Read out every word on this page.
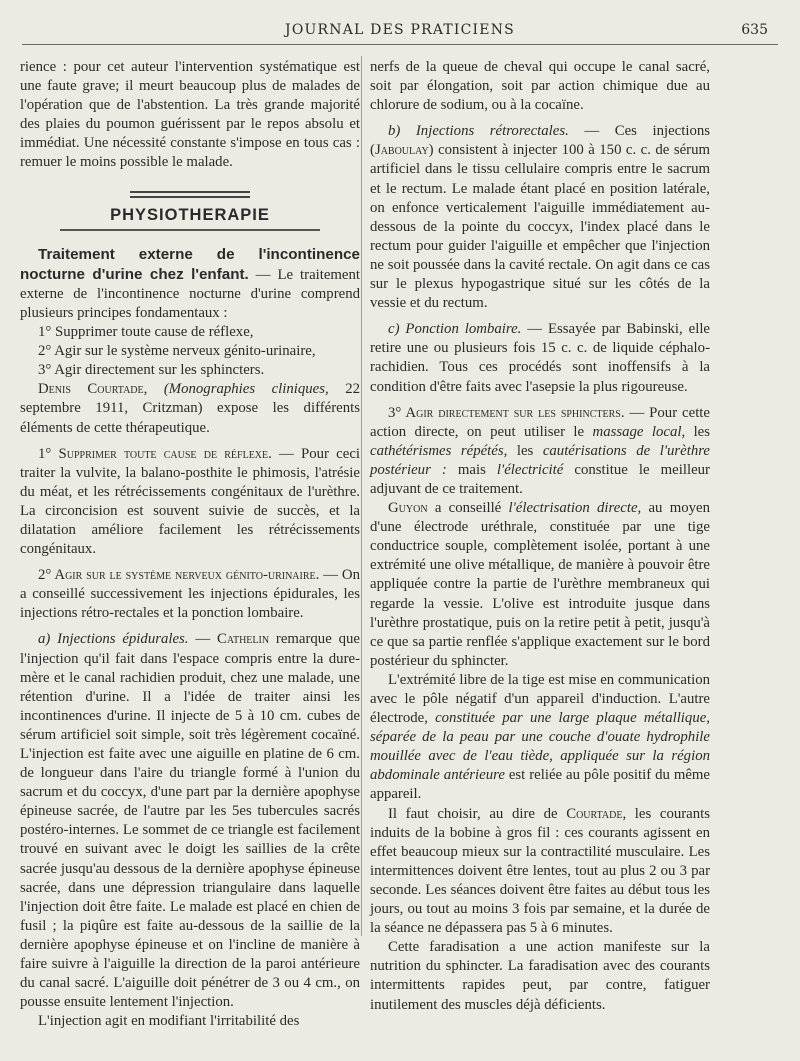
JOURNAL DES PRATICIENS	635

rience : pour cet auteur l'intervention systématique est une faute grave; il meurt beaucoup plus de malades de l'opération que de l'abstention. La très grande majorité des plaies du poumon guérissent par le repos absolu et immédiat. Une nécessité constante s'impose en tous cas : remuer le moins possible le malade.

PHYSIOTHERAPIE

Traitement externe de l'incontinence nocturne d'urine chez l'enfant. — Le traitement externe de l'incontinence nocturne d'urine comprend plusieurs principes fondamentaux :

1° Supprimer toute cause de réflexe,

2° Agir sur le système nerveux génito-urinaire,

3° Agir directement sur les sphincters.

Denis Courtade, (Monographies cliniques, 22 septembre 1911, Critzman) expose les différents éléments de cette thérapeutique.

1° Supprimer toute cause de réflexe. — Pour ceci traiter la vulvite, la balano-posthite le phimosis, l'atrésie du méat, et les rétrécissements congénitaux de l'urèthre. La circoncision est souvent suivie de succès, et la dilatation améliore facilement les rétrécissements congénitaux.

2° Agir sur le système nerveux génito-urinaire. — On a conseillé successivement les injections épidurales, les injections rétro-rectales et la ponction lombaire.

a) Injections épidurales. — Cathelin remarque que l'injection qu'il fait dans l'espace compris entre la dure-mère et le canal rachidien produit, chez une malade, une rétention d'urine. Il a l'idée de traiter ainsi les incontinences d'urine. Il injecte de 5 à 10 cm. cubes de sérum artificiel soit simple, soit très légèrement cocaïné. L'injection est faite avec une aiguille en platine de 6 cm. de longueur dans l'aire du triangle formé à l'union du sacrum et du coccyx, d'une part par la dernière apophyse épineuse sacrée, de l'autre par les 5es tubercules sacrés postéro-internes. Le sommet de ce triangle est facilement trouvé en suivant avec le doigt les saillies de la crête sacrée jusqu'au dessous de la dernière apophyse épineuse sacrée, dans une dépression triangulaire dans laquelle l'injection doit être faite. Le malade est placé en chien de fusil ; la piqûre est faite au-dessous de la saillie de la dernière apophyse épineuse et on l'incline de manière à faire suivre à l'aiguille la direction de la paroi antérieure du canal sacré. L'aiguille doit pénétrer de 3 ou 4 cm., on pousse ensuite lentement l'injection.

L'injection agit en modifiant l'irritabilité des

nerfs de la queue de cheval qui occupe le canal sacré, soit par élongation, soit par action chimique due au chlorure de sodium, ou à la cocaïne.

b) Injections rétrorectales. — Ces injections (Jaboulay) consistent à injecter 100 à 150 c. c. de sérum artificiel dans le tissu cellulaire compris entre le sacrum et le rectum. Le malade étant placé en position latérale, on enfonce verticalement l'aiguille immédiatement au-dessous de la pointe du coccyx, l'index placé dans le rectum pour guider l'aiguille et empêcher que l'injection ne soit poussée dans la cavité rectale. On agit dans ce cas sur le plexus hypogastrique situé sur les côtés de la vessie et du rectum.

c) Ponction lombaire. — Essayée par Babinski, elle retire une ou plusieurs fois 15 c. c. de liquide céphalo-rachidien. Tous ces procédés sont inoffensifs à la condition d'être faits avec l'asepsie la plus rigoureuse.

3° Agir directement sur les sphincters. — Pour cette action directe, on peut utiliser le massage local, les cathétérismes répétés, les cautérisations de l'urèthre postérieur : mais l'électricité constitue le meilleur adjuvant de ce traitement.

Guyon a conseillé l'électrisation directe, au moyen d'une électrode uréthrale, constituée par une tige conductrice souple, complètement isolée, portant à une extrémité une olive métallique, de manière à pouvoir être appliquée contre la partie de l'urèthre membraneux qui regarde la vessie. L'olive est introduite jusque dans l'urèthre prostatique, puis on la retire petit à petit, jusqu'à ce que sa partie renflée s'applique exactement sur le bord postérieur du sphincter.

L'extrémité libre de la tige est mise en communication avec le pôle négatif d'un appareil d'induction. L'autre électrode, constituée par une large plaque métallique, séparée de la peau par une couche d'ouate hydrophile mouillée avec de l'eau tiède, appliquée sur la région abdominale antérieure est reliée au pôle positif du même appareil.

Il faut choisir, au dire de Courtade, les courants induits de la bobine à gros fil : ces courants agissent en effet beaucoup mieux sur la contractilité musculaire. Les intermittences doivent être lentes, tout au plus 2 ou 3 par seconde. Les séances doivent être faites au début tous les jours, ou tout au moins 3 fois par semaine, et la durée de la séance ne dépassera pas 5 à 6 minutes.

Cette faradisation a une action manifeste sur la nutrition du sphincter. La faradisation avec des courants intermittents rapides peut, par contre, fatiguer inutilement des muscles déjà déficients.
